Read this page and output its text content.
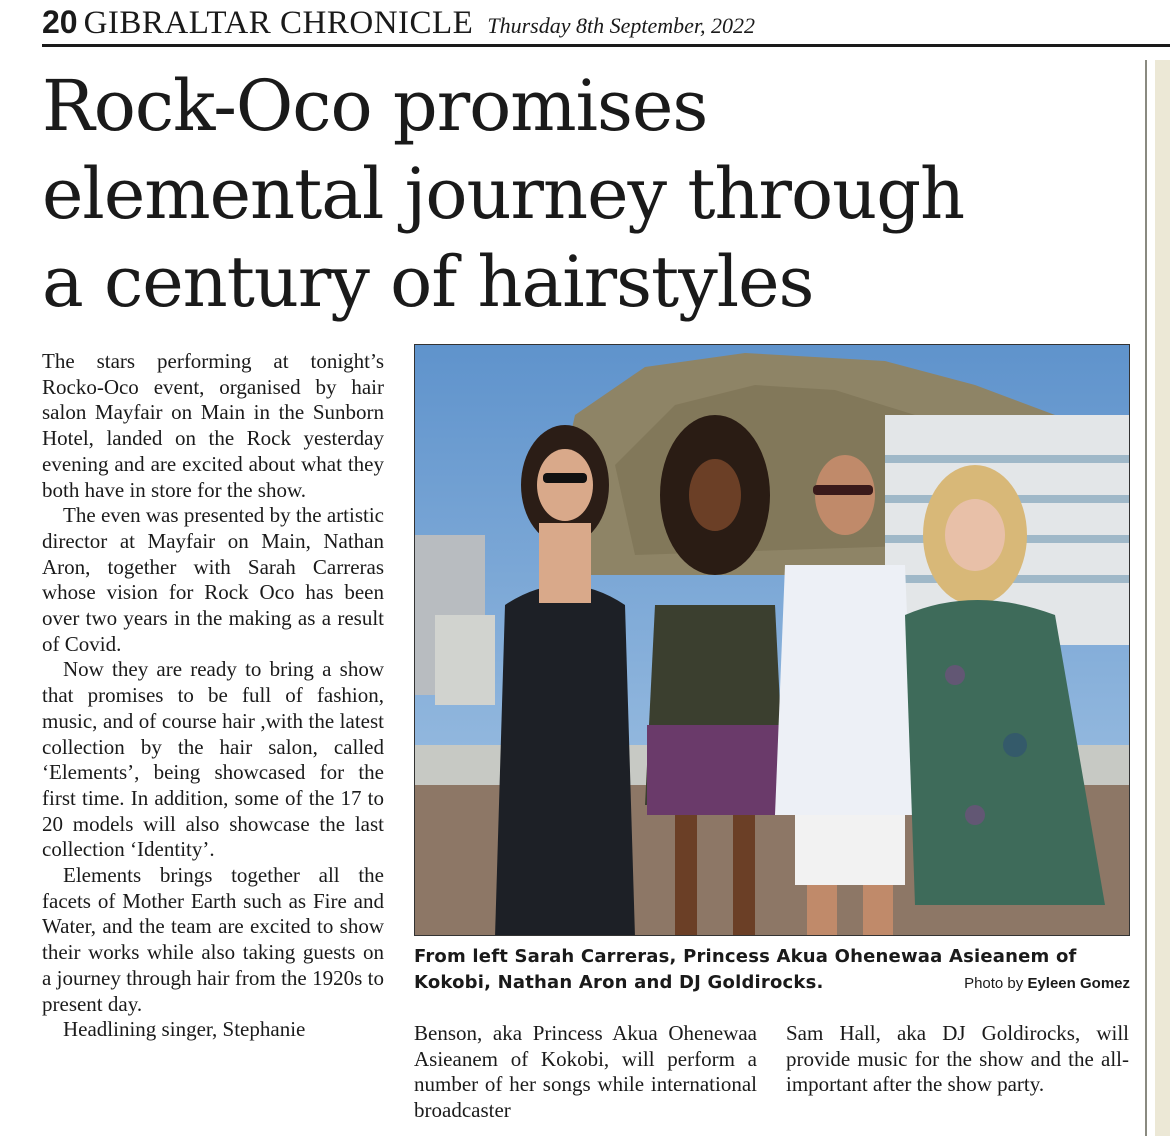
20 GIBRALTAR CHRONICLE Thursday 8th September, 2022
Rock-Oco promises
elemental journey through
a century of hairstyles

The stars performing at tonight’s Rocko-Oco event, organised by hair salon Mayfair on Main in the Sunborn Hotel, landed on the Rock yesterday evening and are excited about what they both have in store for the show.

The even was presented by the artistic director at Mayfair on Main, Nathan Aron, together with Sarah Carreras whose vision for Rock Oco has been over two years in the making as a result of Covid.

Now they are ready to bring a show that promises to be full of fashion, music, and of course hair ,with the latest collection by the hair salon, called ‘Elements’, being showcased for the first time. In addition, some of the 17 to 20 models will also showcase the last collection ‘Identity’.

Elements brings together all the facets of Mother Earth such as Fire and Water, and the team are excited to show their works while also taking guests on a journey through hair from the 1920s to present day.

Headlining singer, Stephanie

From left Sarah Carreras, Princess Akua Ohenewaa Asieanem of Kokobi, Nathan Aron and DJ Goldirocks.	Photo by Eyleen Gomez

Benson, aka Princess Akua Ohenewaa Asieanem of Kokobi, will perform a number of her songs while international broadcaster

Sam Hall, aka DJ Goldirocks, will provide music for the show and the all-important after the show party.
